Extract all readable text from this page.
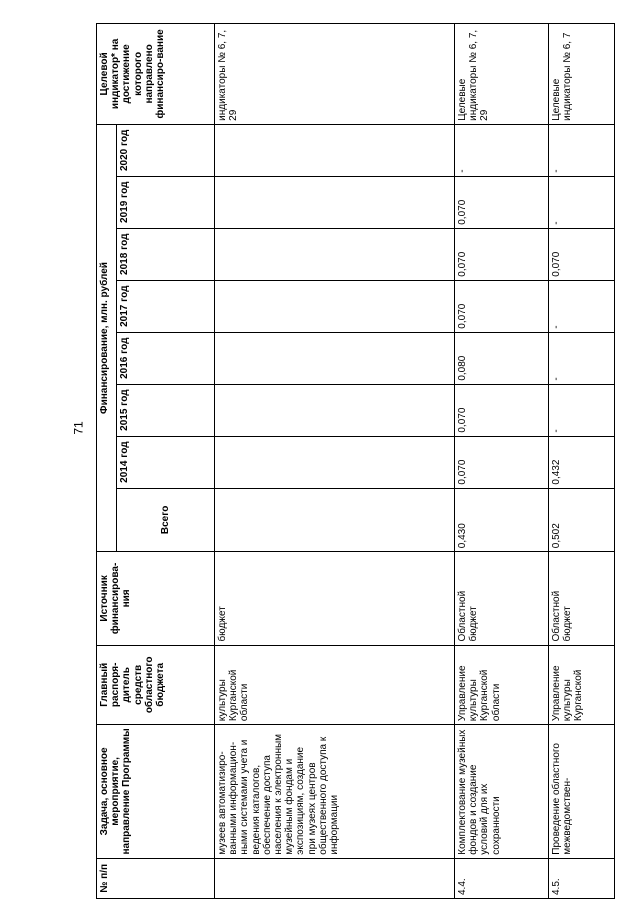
71
№ п/п	Задача, основное мероприятие, направление Программы	Главный распоря-дитель средств областного бюджета	Источник финансирова-ния	Финансирование, млн. рублей								Целевой индикатор* на достижение которого направлено финансиро-вание
				Всего	2014 год	2015 год	2016 год	2017 год	2018 год	2019 год	2020 год	
	музеев автоматизиро-ванными информацион-ными системами учета и ведения каталогов, обеспечение доступа населения к электронным музейным фондам и экспозициям, создание при музеях центров общественного доступа к информации	культуры Курганской области	бюджет									индикаторы № 6, 7, 29
4.4.	Комплектование музейных фондов и создание условий для их сохранности	Управление культуры Курганской области	Областной бюджет	0,430	0,070	0,070	0,080	0,070	0,070	0,070	-	Целевые индикаторы № 6, 7, 29
4.5.	Проведение областного межведомствен-	Управление культуры Курганской	Областной бюджет	0,502	0,432	-	-	-	0,070	-	-	Целевые индикаторы № 6, 7
